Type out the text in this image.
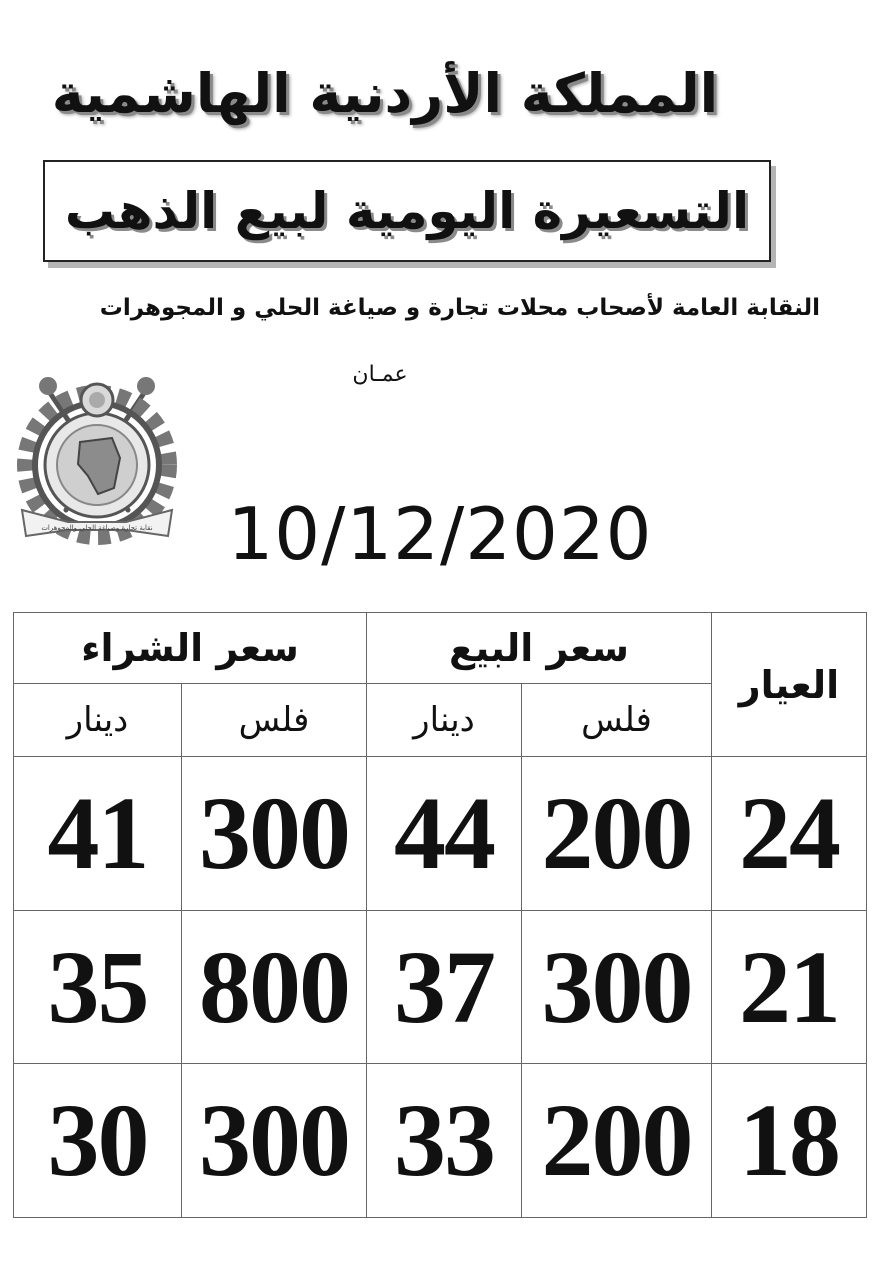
المملكة الأردنية الهاشمية
التسعيرة اليومية لبيع الذهب
النقابة العامة لأصحاب محلات تجارة و صياغة الحلي و المجوهرات
عمـان
نقابة تجارة وصياغة الحلي والمجوهرات 10/12/2020
سعر الشراء		سعر البيع		العيار
دينار	فلس	دينار	فلس	
41	300	44	200	24
35	800	37	300	21
30	300	33	200	18
